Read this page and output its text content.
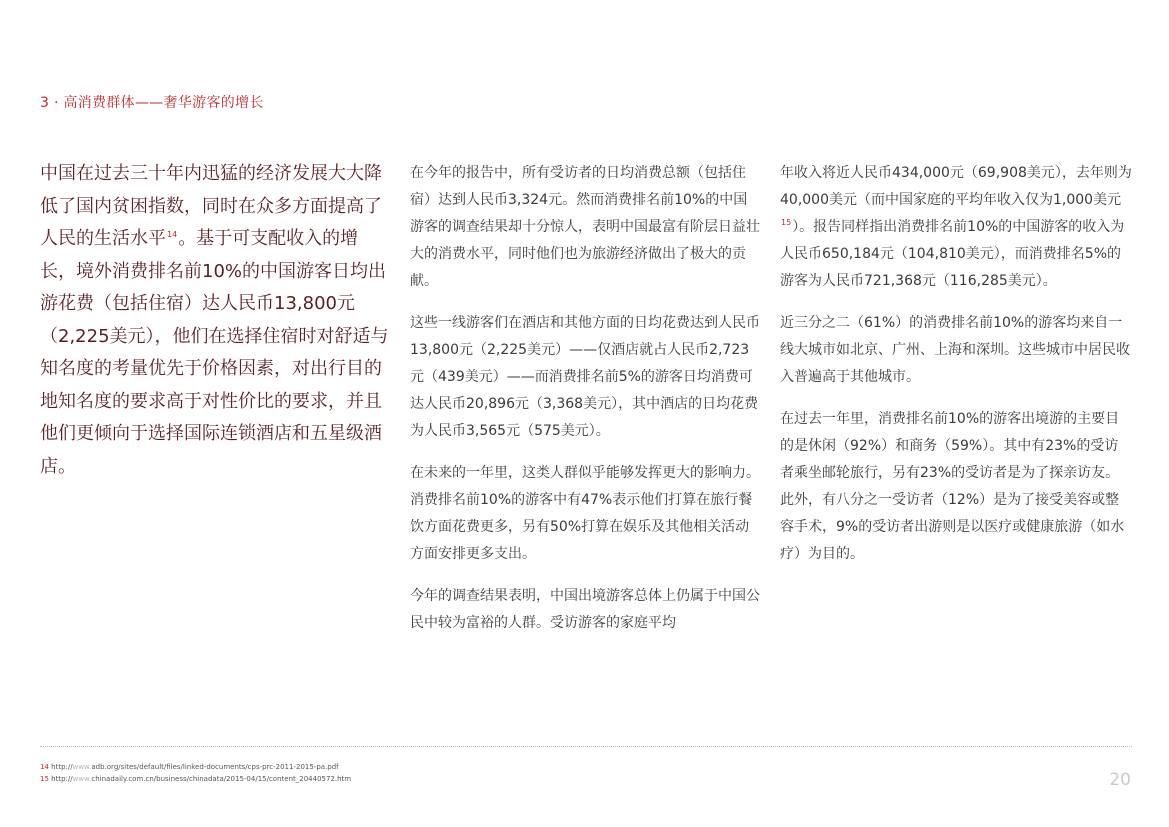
3 · 高消费群体——奢华游客的增长

中国在过去三十年内迅猛的经济发展大大降低了国内贫困指数，同时在众多方面提高了人民的生活水平$^{14}$。基于可支配收入的增长，境外消费排名前10%的中国游客日均出游花费（包括住宿）达人民币13,800元（2,225美元），他们在选择住宿时对舒适与知名度的考量优先于价格因素，对出行目的地知名度的要求高于对性价比的要求，并且他们更倾向于选择国际连锁酒店和五星级酒店。

在今年的报告中，所有受访者的日均消费总额（包括住宿）达到人民币3,324元。然而消费排名前10%的中国游客的调查结果却十分惊人，表明中国最富有阶层日益壮大的消费水平，同时他们也为旅游经济做出了极大的贡献。

这些一线游客们在酒店和其他方面的日均花费达到人民币13,800元（2,225美元）——仅酒店就占人民币2,723元（439美元）——而消费排名前5%的游客日均消费可达人民币20,896元（3,368美元），其中酒店的日均花费为人民币3,565元（575美元）。

在未来的一年里，这类人群似乎能够发挥更大的影响力。消费排名前10%的游客中有47%表示他们打算在旅行餐饮方面花费更多，另有50%打算在娱乐及其他相关活动方面安排更多支出。

今年的调查结果表明，中国出境游客总体上仍属于中国公民中较为富裕的人群。受访游客的家庭平均

年收入将近人民币434,000元（69,908美元），去年则为40,000美元（而中国家庭的平均年收入仅为1,000美元$^{15}$）。报告同样指出消费排名前10%的中国游客的收入为人民币650,184元（104,810美元），而消费排名5%的游客为人民币721,368元（116,285美元）。

近三分之二（61%）的消费排名前10%的游客均来自一线大城市如北京、广州、上海和深圳。这些城市中居民收入普遍高于其他城市。

在过去一年里，消费排名前10%的游客出境游的主要目的是休闲（92%）和商务（59%）。其中有23%的受访者乘坐邮轮旅行，另有23%的受访者是为了探亲访友。此外，有八分之一受访者（12%）是为了接受美容或整容手术，9%的受访者出游则是以医疗或健康旅游（如水疗）为目的。

14 http://www.adb.org/sites/default/files/linked-documents/cps-prc-2011-2015-pa.pdf
15 http://www.chinadaily.com.cn/business/chinadata/2015-04/15/content_20440572.htm	20
